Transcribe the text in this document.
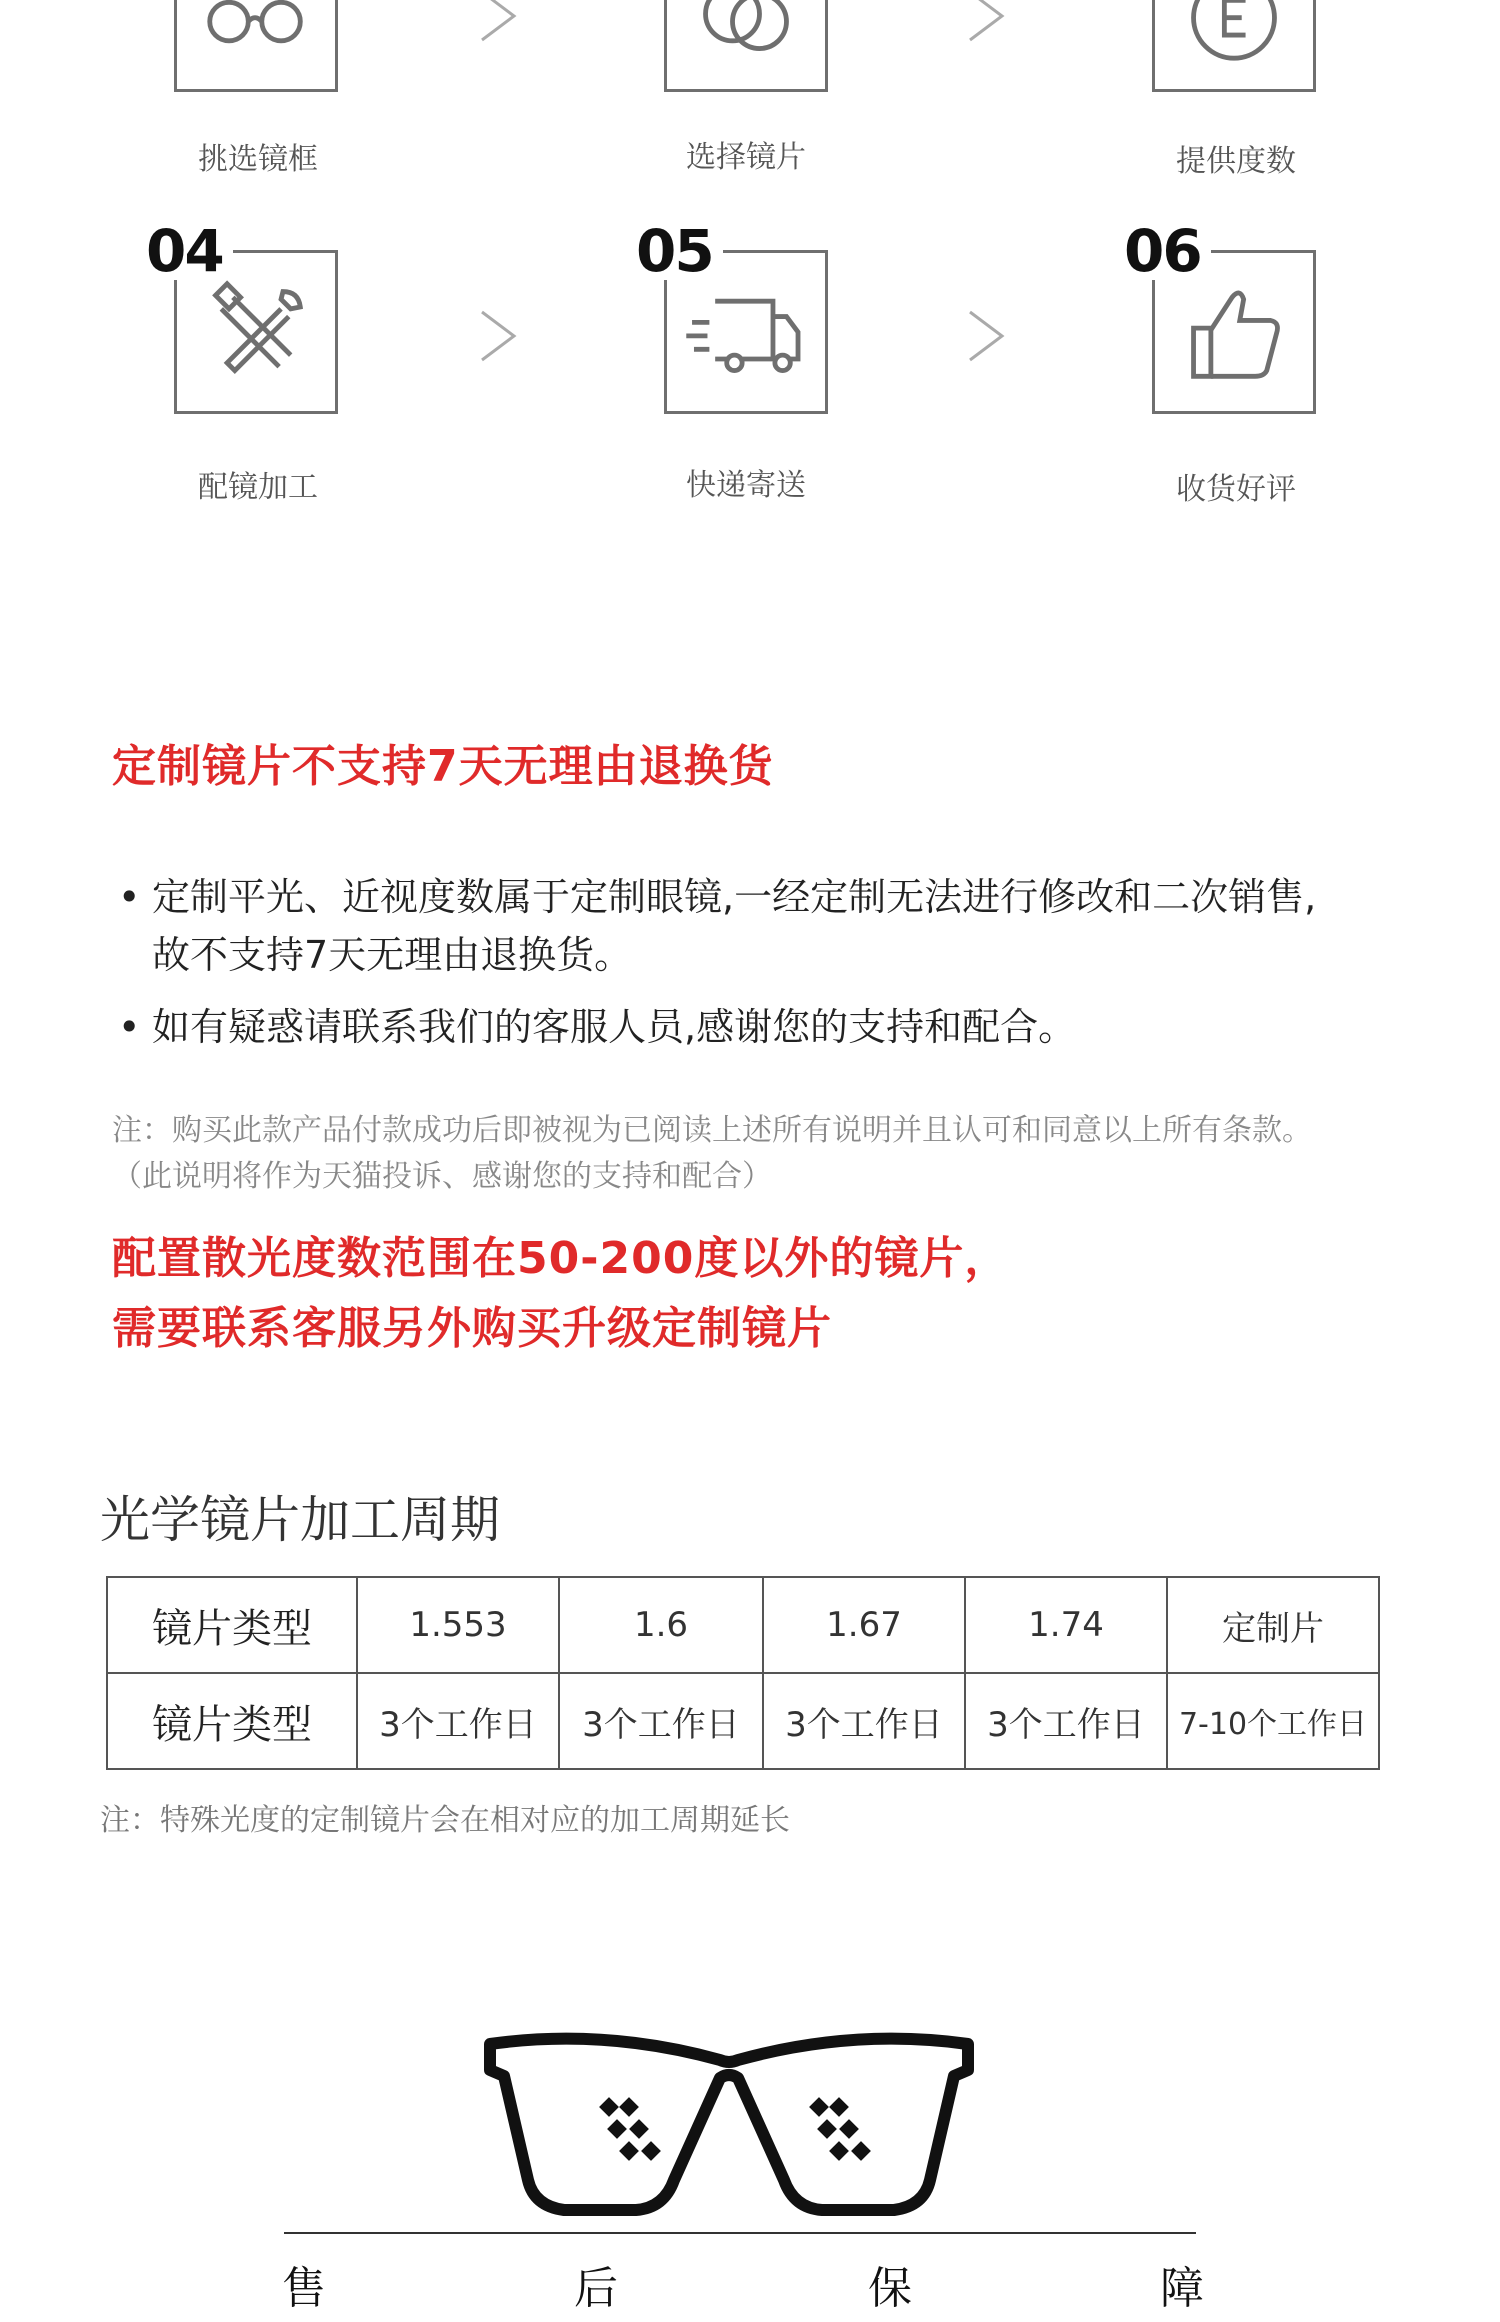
挑选镜框	选择镜片	提供度数
04	05	06
配镜加工	快递寄送	收货好评
定制镜片不支持7天无理由退换货
• 定制平光、近视度数属于定制眼镜,一经定制无法进行修改和二次销售,故不支持7天无理由退换货。
• 如有疑惑请联系我们的客服人员,感谢您的支持和配合。
注：购买此款产品付款成功后即被视为已阅读上述所有说明并且认可和同意以上所有条款。（此说明将作为天猫投诉、感谢您的支持和配合）
配置散光度数范围在50-200度以外的镜片，
需要联系客服另外购买升级定制镜片
光学镜片加工周期
镜片类型	1.553	1.6	1.67	1.74	定制片
镜片类型	3个工作日	3个工作日	3个工作日	3个工作日	7-10个工作日
注：特殊光度的定制镜片会在相对应的加工周期延长
售	后	保	障
